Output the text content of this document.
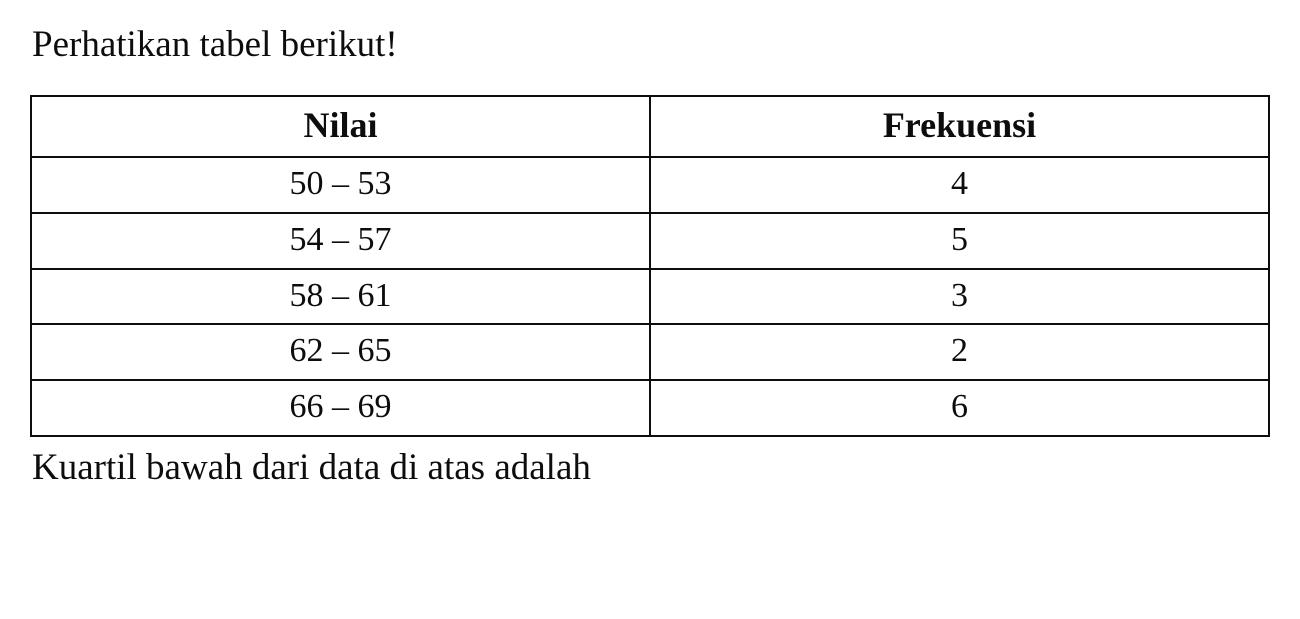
Perhatikan tabel berikut!

Nilai	Frekuensi
50 – 53	4
54 – 57	5
58 – 61	3
62 – 65	2
66 – 69	6

Kuartil bawah dari data di atas adalah
